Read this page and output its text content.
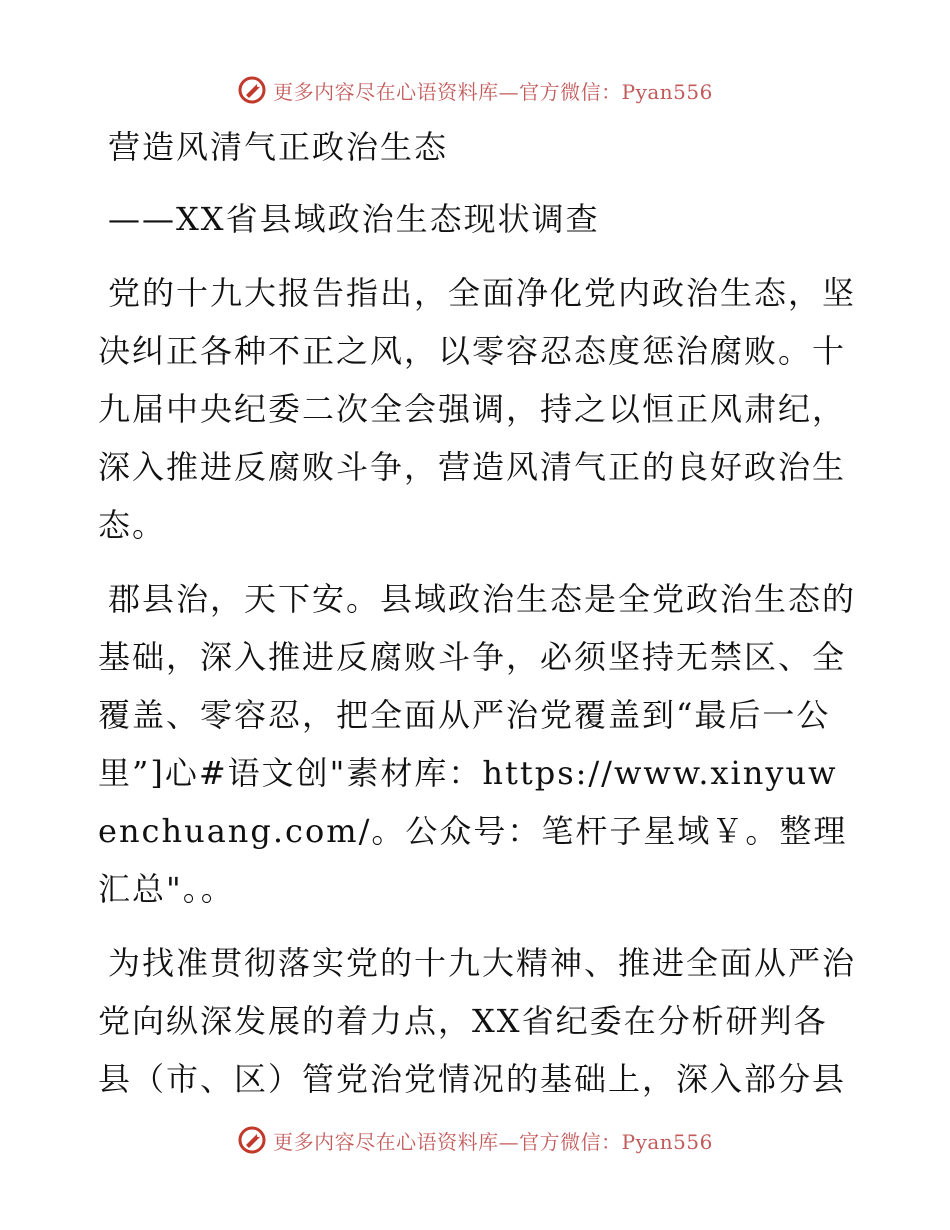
更多内容尽在心语资料库—官方微信：Pyan556

营造风清气正政治生态

——XX省县域政治生态现状调查

党的十九大报告指出，全面净化党内政治生态，坚决纠正各种不正之风，以零容忍态度惩治腐败。十九届中央纪委二次全会强调，持之以恒正风肃纪，深入推进反腐败斗争，营造风清气正的良好政治生态。

郡县治，天下安。县域政治生态是全党政治生态的基础，深入推进反腐败斗争，必须坚持无禁区、全覆盖、零容忍，把全面从严治党覆盖到“最后一公里”]心#语文创"素材库：https://www.xinyuwenchuang.com/。公众号：笔杆子星域￥。整理汇总"。。

为找准贯彻落实党的十九大精神、推进全面从严治党向纵深发展的着力点，XX省纪委在分析研判各县（市、区）管党治党情况的基础上，深入部分县

更多内容尽在心语资料库—官方微信：Pyan556
